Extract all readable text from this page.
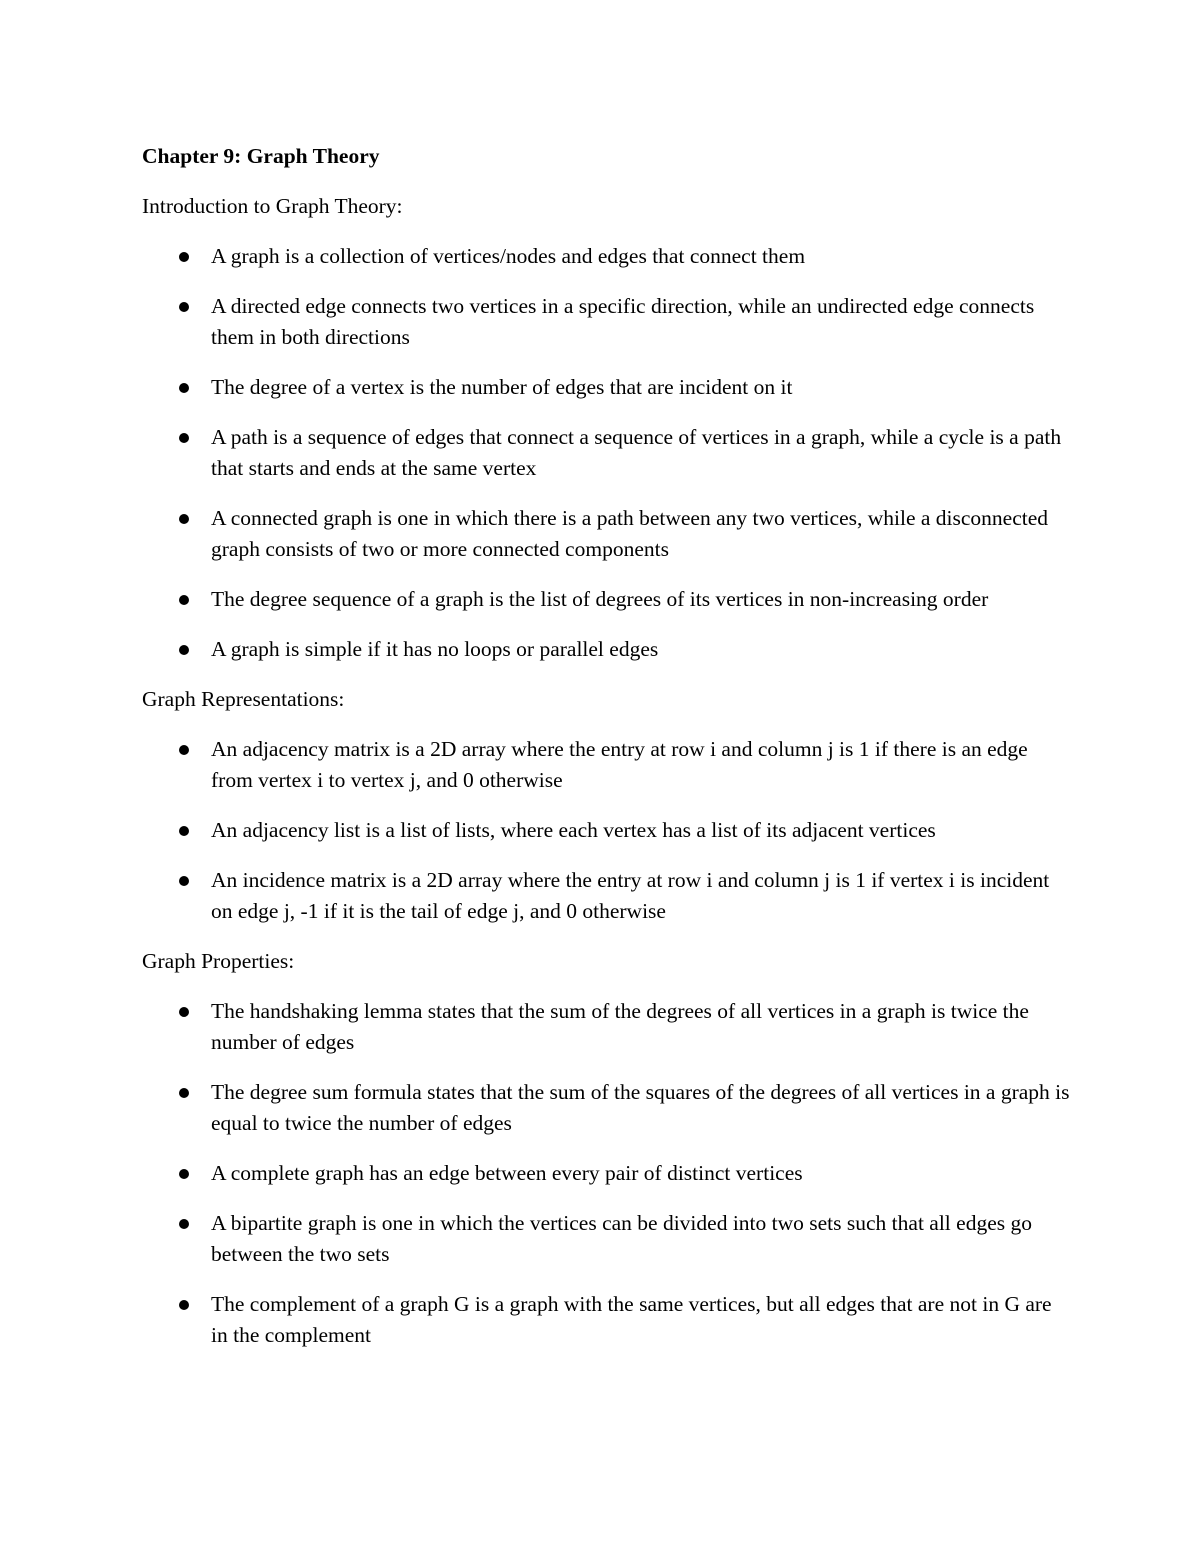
Chapter 9: Graph Theory
Introduction to Graph Theory:
A graph is a collection of vertices/nodes and edges that connect them
A directed edge connects two vertices in a specific direction, while an undirected edge connects them in both directions
The degree of a vertex is the number of edges that are incident on it
A path is a sequence of edges that connect a sequence of vertices in a graph, while a cycle is a path that starts and ends at the same vertex
A connected graph is one in which there is a path between any two vertices, while a disconnected graph consists of two or more connected components
The degree sequence of a graph is the list of degrees of its vertices in non-increasing order
A graph is simple if it has no loops or parallel edges
Graph Representations:
An adjacency matrix is a 2D array where the entry at row i and column j is 1 if there is an edge from vertex i to vertex j, and 0 otherwise
An adjacency list is a list of lists, where each vertex has a list of its adjacent vertices
An incidence matrix is a 2D array where the entry at row i and column j is 1 if vertex i is incident on edge j, -1 if it is the tail of edge j, and 0 otherwise
Graph Properties:
The handshaking lemma states that the sum of the degrees of all vertices in a graph is twice the number of edges
The degree sum formula states that the sum of the squares of the degrees of all vertices in a graph is equal to twice the number of edges
A complete graph has an edge between every pair of distinct vertices
A bipartite graph is one in which the vertices can be divided into two sets such that all edges go between the two sets
The complement of a graph G is a graph with the same vertices, but all edges that are not in G are in the complement
